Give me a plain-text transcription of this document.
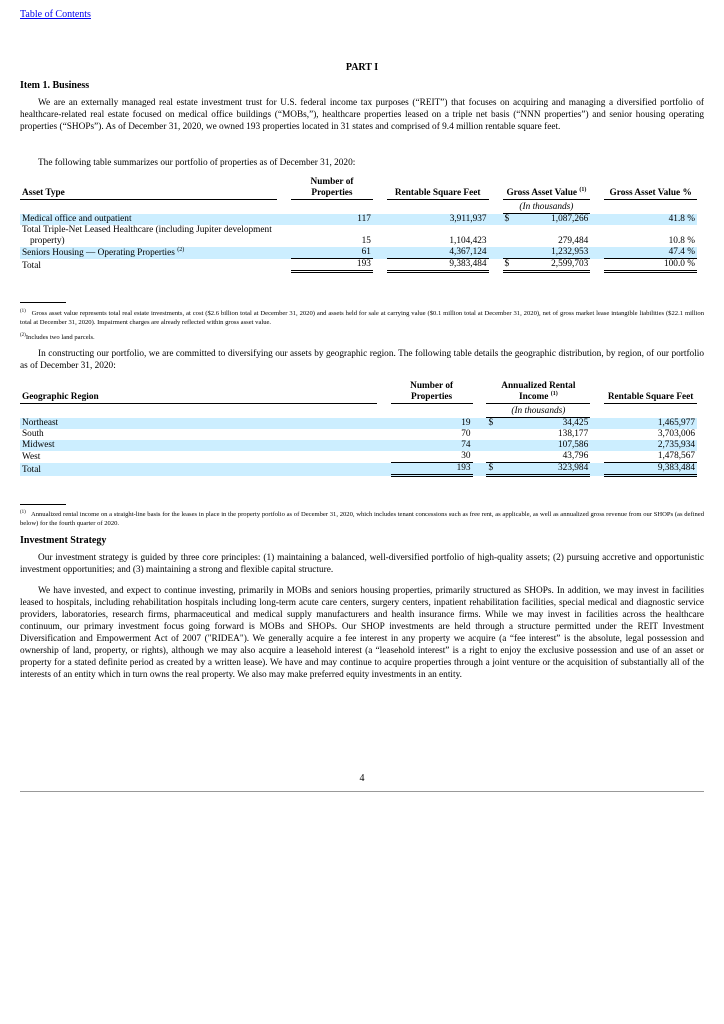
Table of Contents
PART I
Item 1. Business

We are an externally managed real estate investment trust for U.S. federal income tax purposes (“REIT”) that focuses on acquiring and managing a diversified portfolio of healthcare-related real estate focused on medical office buildings (“MOBs,”), healthcare properties leased on a triple net basis (“NNN properties”) and senior housing operating properties (“SHOPs”). As of December 31, 2020, we owned 193 properties located in 31 states and comprised of 9.4 million rentable square feet.

The following table summarizes our portfolio of properties as of December 31, 2020:

Asset Type		Number of Properties		Rentable Square Feet		Gross Asset Value $^{(1)}$			Gross Asset Value %
						(In thousands)			
Medical office and outpatient		117		3,911,937		$	1,087,266		41.8 %

Total Triple-Net Leased Healthcare (including Jupiter development property)		15		1,104,423			279,484		10.8 %
Seniors Housing — Operating Properties $^{(2)}$		61		4,367,124			1,232,953		47.4 %
Total		193		9,383,484		$	2,599,703		100.0 %
$^{(1)}$ Gross asset value represents total real estate investments, at cost ($2.6 billion total at December 31, 2020) and assets held for sale at carrying value ($0.1 million total at December 31, 2020), net of gross market lease intangible liabilities ($22.1 million total at December 31, 2020). Impairment charges are already reflected within gross asset value.
$^{(2)}$Includes two land parcels.

In constructing our portfolio, we are committed to diversifying our assets by geographic region. The following table details the geographic distribution, by region, of our portfolio as of December 31, 2020:

Geographic Region		Number of Properties		Annualized Rental Income $^{(1)}$			Rentable Square Feet
				(In thousands)			
Northeast		19		$	34,425		1,465,977
South		70			138,177		3,703,006
Midwest		74			107,586		2,735,934
West		30			43,796		1,478,567
Total		193		$	323,984		9,383,484
$^{(1)}$ Annualized rental income on a straight-line basis for the leases in place in the property portfolio as of December 31, 2020, which includes tenant concessions such as free rent, as applicable, as well as annualized gross revenue from our SHOPs (as defined below) for the fourth quarter of 2020.
Investment Strategy

Our investment strategy is guided by three core principles: (1) maintaining a balanced, well-diversified portfolio of high-quality assets; (2) pursuing accretive and opportunistic investment opportunities; and (3) maintaining a strong and flexible capital structure.

We have invested, and expect to continue investing, primarily in MOBs and seniors housing properties, primarily structured as SHOPs. In addition, we may invest in facilities leased to hospitals, including rehabilitation hospitals including long-term acute care centers, surgery centers, inpatient rehabilitation facilities, special medical and diagnostic service providers, laboratories, research firms, pharmaceutical and medical supply manufacturers and health insurance firms. While we may invest in facilities across the healthcare continuum, our primary investment focus going forward is MOBs and SHOPs. Our SHOP investments are held through a structure permitted under the REIT Investment Diversification and Empowerment Act of 2007 ("RIDEA"). We generally acquire a fee interest in any property we acquire (a “fee interest” is the absolute, legal possession and ownership of land, property, or rights), although we may also acquire a leasehold interest (a “leasehold interest” is a right to enjoy the exclusive possession and use of an asset or property for a stated definite period as created by a written lease). We have and may continue to acquire properties through a joint venture or the acquisition of substantially all of the interests of an entity which in turn owns the real property. We also may make preferred equity investments in an entity.

4
